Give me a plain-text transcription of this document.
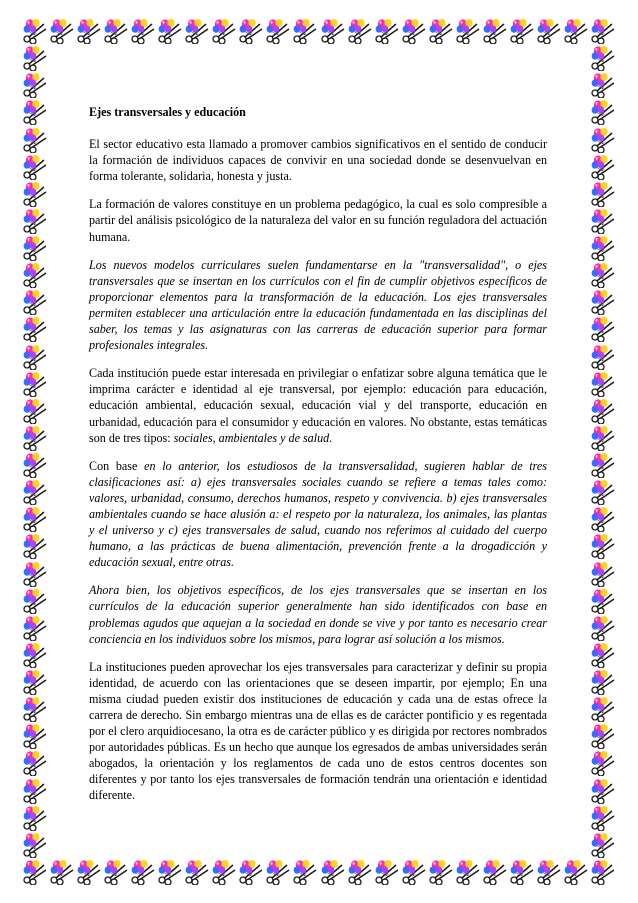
Ejes transversales y educación

El sector educativo esta llamado a promover cambios significativos en el sentido de conducir la formación de individuos capaces de convivir en una sociedad donde se desenvuelvan en forma tolerante, solidaria, honesta y justa.

La formación de valores constituye en un problema pedagógico, la cual es solo compresible a partir del análisis psicológico de la naturaleza del valor en su función reguladora del actuación humana.

Los nuevos modelos curriculares suelen fundamentarse en la "transversalidad", o ejes transversales que se insertan en los currículos con el fin de cumplir objetivos específicos de proporcionar elementos para la transformación de la educación. Los ejes transversales permiten establecer una articulación entre la educación fundamentada en las disciplinas del saber, los temas y las asignaturas con las carreras de educación superior para formar profesionales integrales.

Cada institución puede estar interesada en privilegiar o enfatizar sobre alguna temática que le imprima carácter e identidad al eje transversal, por ejemplo: educación para educación, educación ambiental, educación sexual, educación vial y del transporte, educación en urbanidad, educación para el consumidor y educación en valores. No obstante, estas temáticas son de tres tipos: sociales, ambientales y de salud.

Con base en lo anterior, los estudiosos de la transversalidad, sugieren hablar de tres clasificaciones así: a) ejes transversales sociales cuando se refiere a temas tales como: valores, urbanidad, consumo, derechos humanos, respeto y convivencia. b) ejes transversales ambientales cuando se hace alusión a: el respeto por la naturaleza, los animales, las plantas y el universo y c) ejes transversales de salud, cuando nos referimos al cuidado del cuerpo humano, a las prácticas de buena alimentación, prevención frente a la drogadicción y educación sexual, entre otras.

Ahora bien, los objetivos específicos, de los ejes transversales que se insertan en los currículos de la educación superior generalmente han sido identificados con base en problemas agudos que aquejan a la sociedad en donde se vive y por tanto es necesario crear conciencia en los individuos sobre los mismos, para lograr así solución a los mismos.

La instituciones pueden aprovechar los ejes transversales para caracterizar y definir su propia identidad, de acuerdo con las orientaciones que se deseen impartir, por ejemplo; En una misma ciudad pueden existir dos instituciones de educación y cada una de estas ofrece la carrera de derecho. Sin embargo mientras una de ellas es de carácter pontificio y es regentada por el clero arquidiocesano, la otra es de carácter público y es dirigida por rectores nombrados por autoridades públicas. Es un hecho que aunque los egresados de ambas universidades serán abogados, la orientación y los reglamentos de cada uno de estos centros docentes son diferentes y por tanto los ejes transversales de formación tendrán una orientación e identidad diferente.
